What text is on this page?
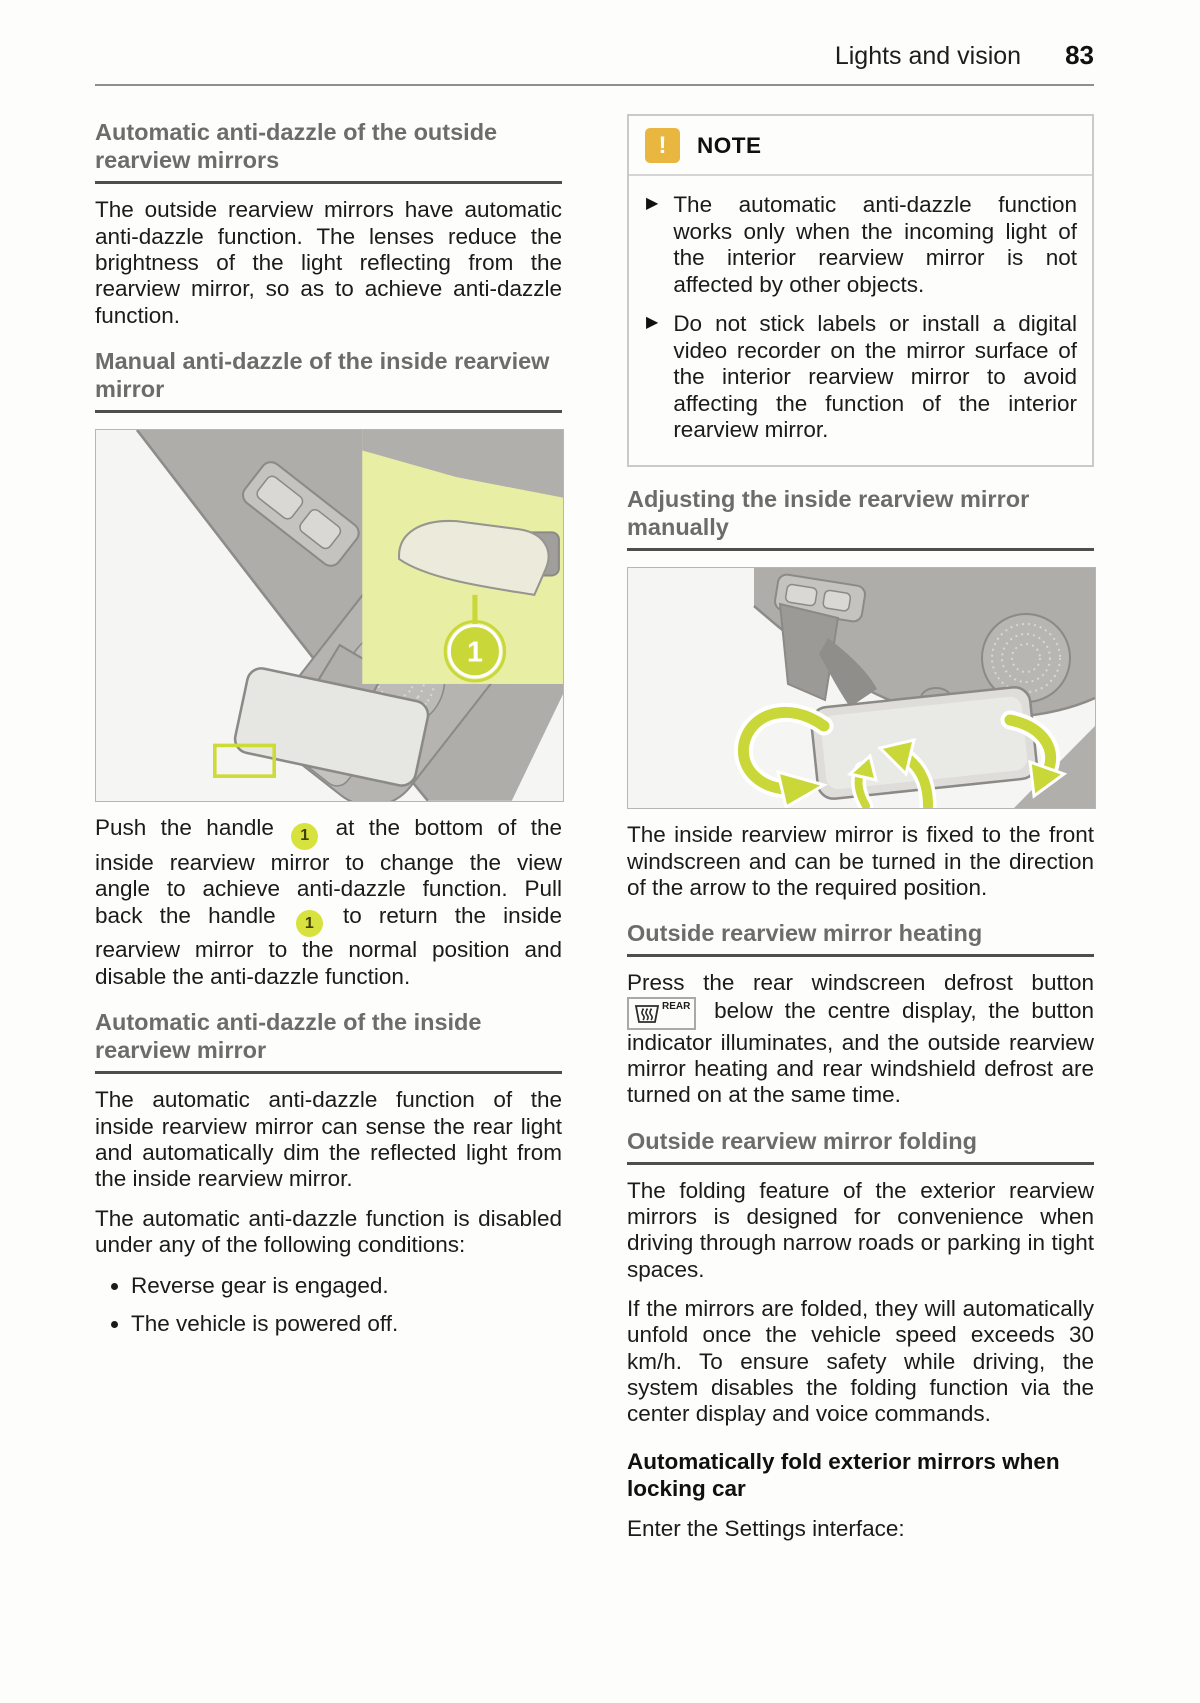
Lights and vision 83
Automatic anti-dazzle of the outside rearview mirrors

The outside rearview mirrors have automatic anti-dazzle function. The lenses reduce the brightness of the light reflecting from the rearview mirror, so as to achieve anti-dazzle function.

Manual anti-dazzle of the inside rearview mirror
1

Push the handle 1 at the bottom of the inside rearview mirror to change the view angle to achieve anti-dazzle function. Pull back the handle 1 to return the inside rearview mirror to the normal position and disable the anti-dazzle function.

Automatic anti-dazzle of the inside rearview mirror

The automatic anti-dazzle function of the inside rearview mirror can sense the rear light and automatically dim the reflected light from the inside rearview mirror.

The automatic anti-dazzle function is disabled under any of the following conditions:

• Reverse gear is engaged.
• The vehicle is powered off.
!	NOTE
▶ The automatic anti-dazzle function works only when the incoming light of the interior rearview mirror is not affected by other objects.
▶ Do not stick labels or install a digital video recorder on the mirror surface of the interior rearview mirror to avoid affecting the function of the interior rearview mirror.
Adjusting the inside rearview mirror manually

The inside rearview mirror is fixed to the front windscreen and can be turned in the direction of the arrow to the required position.

Outside rearview mirror heating

Press the rear windscreen defrost button
REAR below the centre display, the button indicator illuminates, and the outside rearview mirror heating and rear windshield defrost are turned on at the same time.

Outside rearview mirror folding

The folding feature of the exterior rearview mirrors is designed for convenience when driving through narrow roads or parking in tight spaces.

If the mirrors are folded, they will automatically unfold once the vehicle speed exceeds 30 km/h. To ensure safety while driving, the system disables the folding function via the center display and voice commands.

Automatically fold exterior mirrors when locking car

Enter the Settings interface:
